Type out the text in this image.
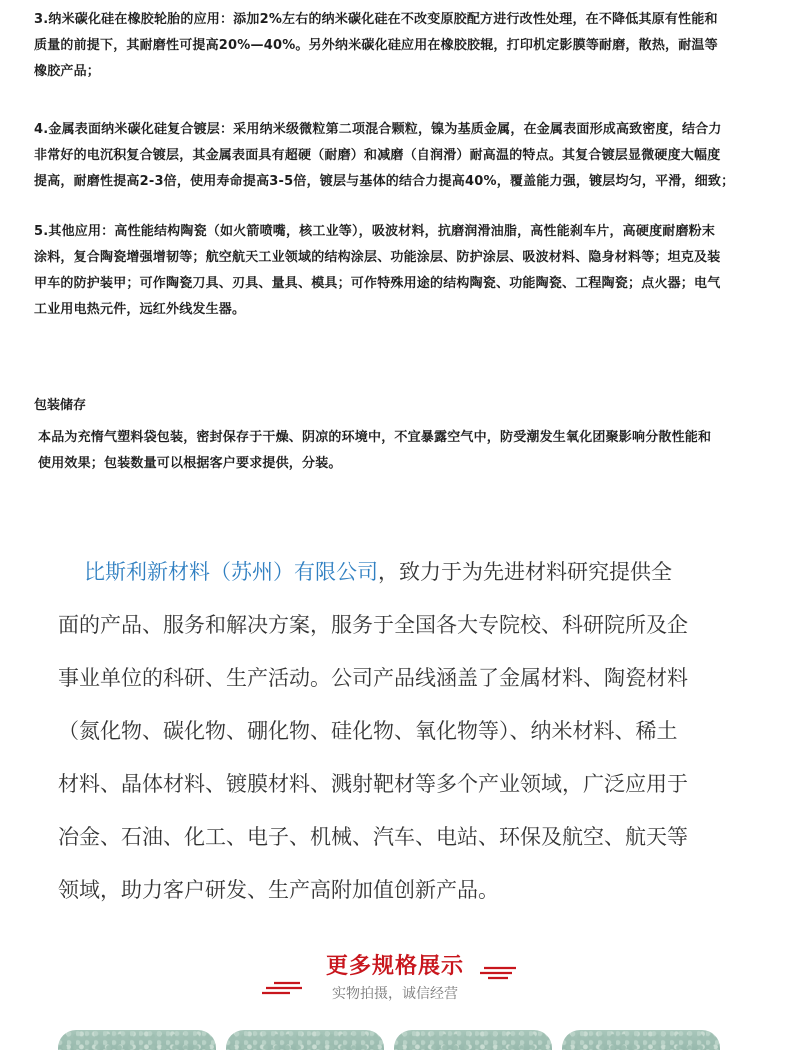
3.纳米碳化硅在橡胶轮胎的应用：添加2%左右的纳米碳化硅在不改变原胶配方进行改性处理，在不降低其原有性能和
质量的前提下，其耐磨性可提高20%—40%。另外纳米碳化硅应用在橡胶胶辊，打印机定影膜等耐磨，散热，耐温等
橡胶产品；
4.金属表面纳米碳化硅复合镀层：采用纳米级微粒第二项混合颗粒，镍为基质金属，在金属表面形成高致密度，结合力
非常好的电沉积复合镀层，其金属表面具有超硬（耐磨）和减磨（自润滑）耐高温的特点。其复合镀层显微硬度大幅度
提高，耐磨性提高2-3倍，使用寿命提高3-5倍，镀层与基体的结合力提高40%，覆盖能力强，镀层均匀，平滑，细致；
5.其他应用：高性能结构陶瓷（如火箭喷嘴，核工业等），吸波材料，抗磨润滑油脂，高性能刹车片，高硬度耐磨粉末
涂料，复合陶瓷增强增韧等；航空航天工业领域的结构涂层、功能涂层、防护涂层、吸波材料、隐身材料等；坦克及装
甲车的防护装甲；可作陶瓷刀具、刃具、量具、模具；可作特殊用途的结构陶瓷、功能陶瓷、工程陶瓷；点火器；电气
工业用电热元件，远红外线发生器。
包装储存
本品为充惰气塑料袋包装，密封保存于干燥、阴凉的环境中，不宜暴露空气中，防受潮发生氧化团聚影响分散性能和
使用效果；包装数量可以根据客户要求提供，分装。
比斯利新材料（苏州）有限公司，致力于为先进材料研究提供全
面的产品、服务和解决方案，服务于全国各大专院校、科研院所及企
事业单位的科研、生产活动。公司产品线涵盖了金属材料、陶瓷材料
（氮化物、碳化物、硼化物、硅化物、氧化物等）、纳米材料、稀土
材料、晶体材料、镀膜材料、溅射靶材等多个产业领域，广泛应用于
冶金、石油、化工、电子、机械、汽车、电站、环保及航空、航天等
领域，助力客户研发、生产高附加值创新产品。
更多规格展示
实物拍摄，诚信经营
